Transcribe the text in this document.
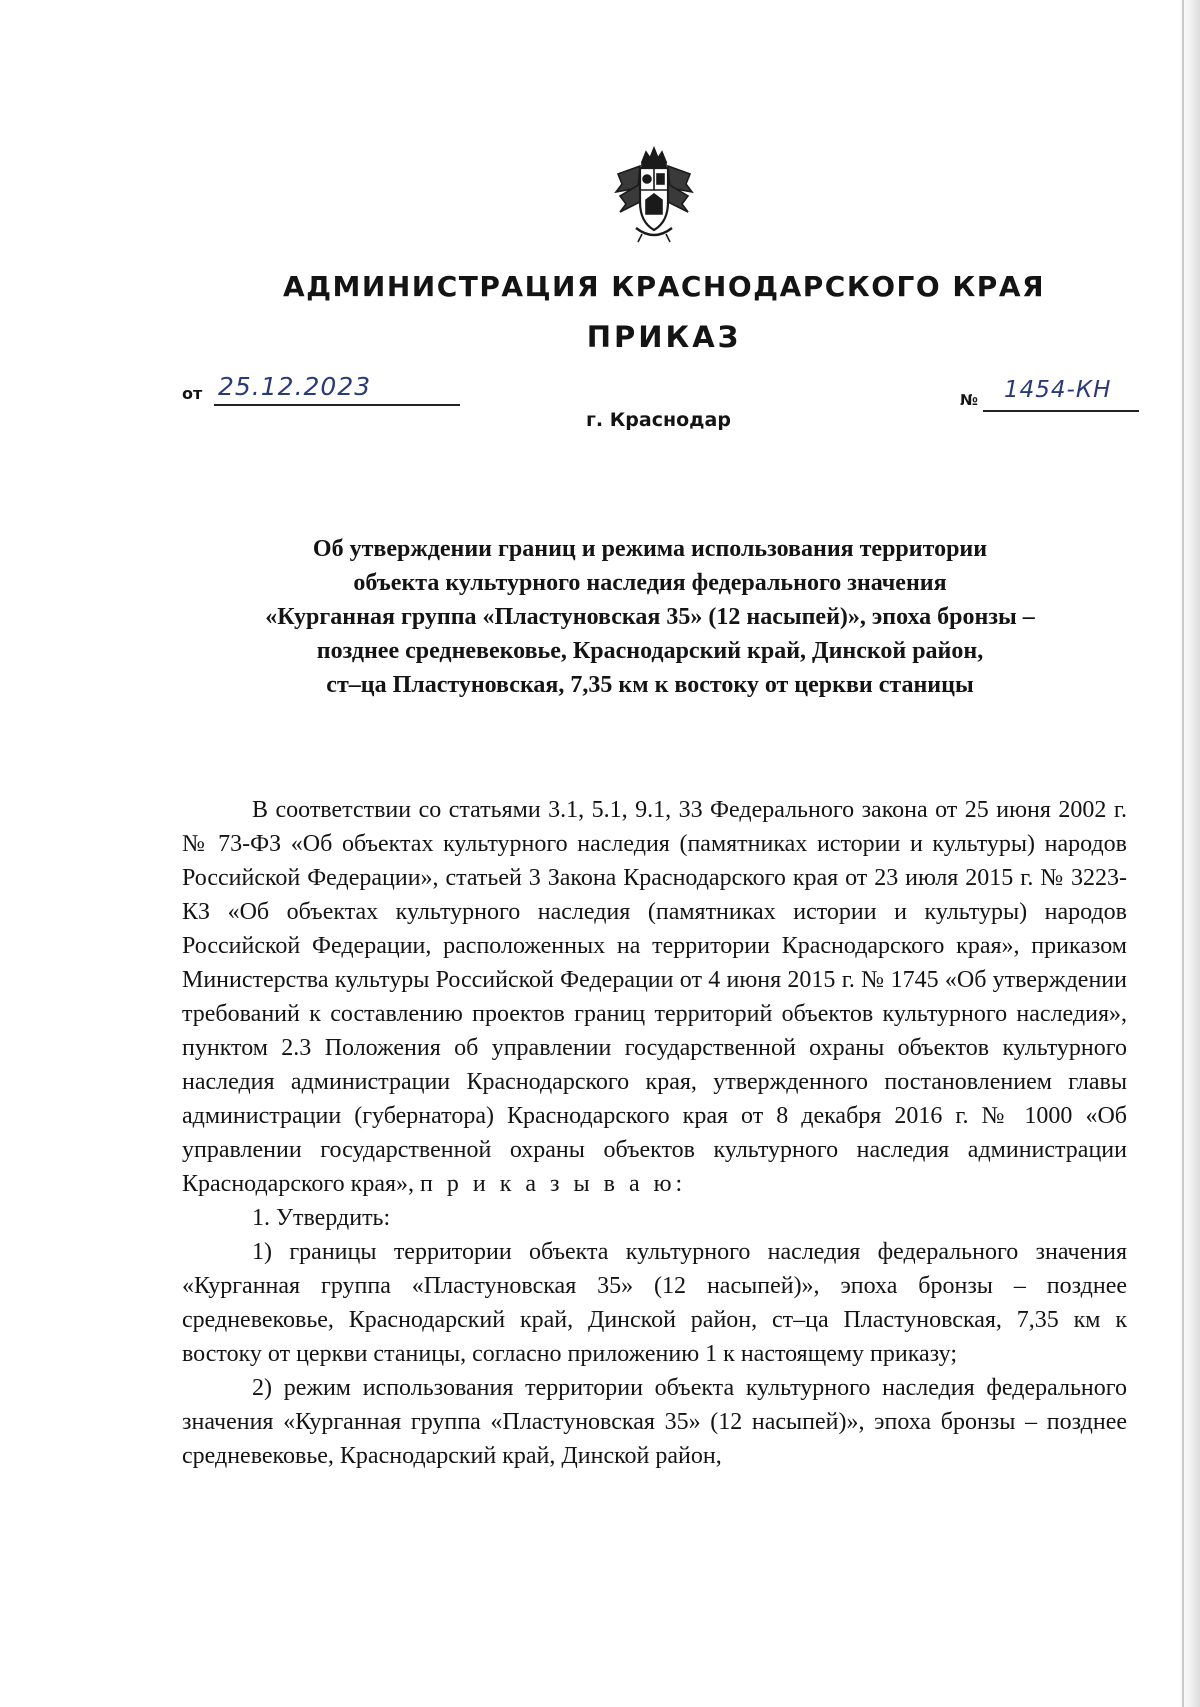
АДМИНИСТРАЦИЯ КРАСНОДАРСКОГО КРАЯ
ПРИКАЗ
от 25.12.2023
г. Краснодар
№ 1454-КН
Об утверждении границ и режима использования территории
объекта культурного наследия федерального значения
«Курганная группа «Пластуновская 35» (12 насыпей)», эпоха бронзы –
позднее средневековье, Краснодарский край, Динской район,
ст–ца Пластуновская, 7,35 км к востоку от церкви станицы

В соответствии со статьями 3.1, 5.1, 9.1, 33 Федерального закона от 25 июня 2002 г. № 73-ФЗ «Об объектах культурного наследия (памятниках истории и культуры) народов Российской Федерации», статьей 3 Закона Краснодарского края от 23 июля 2015 г. № 3223-КЗ «Об объектах культурного наследия (памятниках истории и культуры) народов Российской Федерации, расположенных на территории Краснодарского края», приказом Министерства культуры Российской Федерации от 4 июня 2015 г. № 1745 «Об утверждении требований к составлению проектов границ территорий объектов культурного наследия», пунктом 2.3 Положения об управлении государственной охраны объектов культурного наследия администрации Краснодарского края, утвержденного постановлением главы администрации (губернатора) Краснодарского края от 8 декабря 2016 г. № 1000 «Об управлении государственной охраны объектов культурного наследия администрации Краснодарского края», п р и к а з ы в а ю:

1. Утвердить:

1) границы территории объекта культурного наследия федерального значения «Курганная группа «Пластуновская 35» (12 насыпей)», эпоха бронзы – позднее средневековье, Краснодарский край, Динской район, ст–ца Пластуновская, 7,35 км к востоку от церкви станицы, согласно приложению 1 к настоящему приказу;

2) режим использования территории объекта культурного наследия федерального значения «Курганная группа «Пластуновская 35» (12 насыпей)», эпоха бронзы – позднее средневековье, Краснодарский край, Динской район,
